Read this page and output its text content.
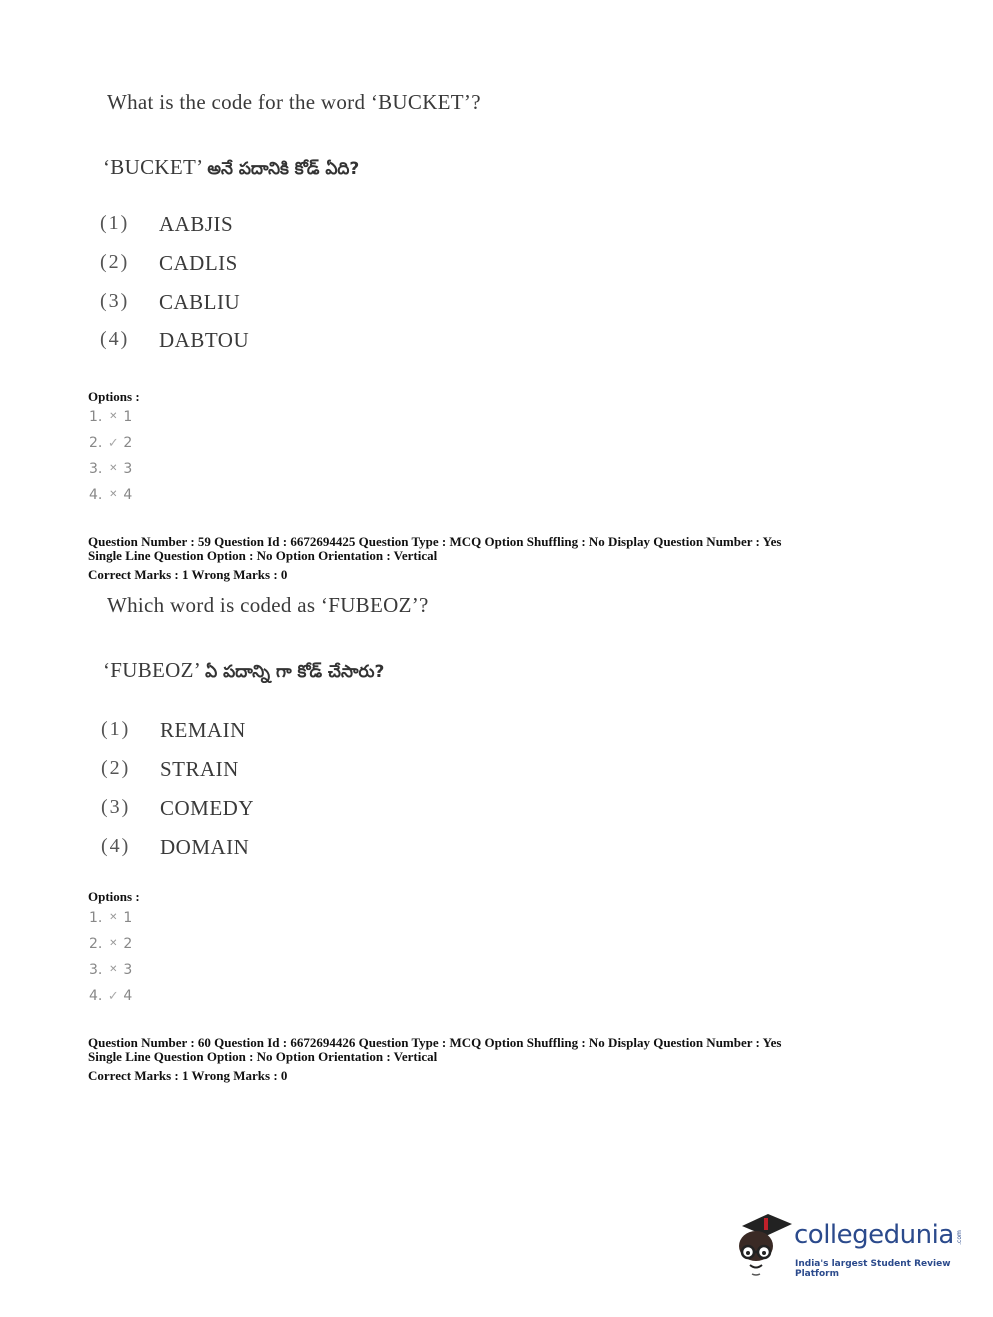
What is the code for the word ‘BUCKET’?
‘BUCKET’ అనే పదానికి కోడ్ ఏది?
(1) AABJIS
(2) CADLIS
(3) CABLIU
(4) DABTOU
Options :
1. ✕ 1
2. ✓ 2
3. ✕ 3
4. ✕ 4
Question Number : 59 Question Id : 6672694425 Question Type : MCQ Option Shuffling : No Display Question Number : Yes
Single Line Question Option : No Option Orientation : Vertical
Correct Marks : 1 Wrong Marks : 0
Which word is coded as ‘FUBEOZ’?
‘FUBEOZ’ ఏ పదాన్ని గా కోడ్ చేసారు?
(1) REMAIN
(2) STRAIN
(3) COMEDY
(4) DOMAIN
Options :
1. ✕ 1
2. ✕ 2
3. ✕ 3
4. ✓ 4
Question Number : 60 Question Id : 6672694426 Question Type : MCQ Option Shuffling : No Display Question Number : Yes
Single Line Question Option : No Option Orientation : Vertical
Correct Marks : 1 Wrong Marks : 0
collegedunia .com
India's largest Student Review Platform
